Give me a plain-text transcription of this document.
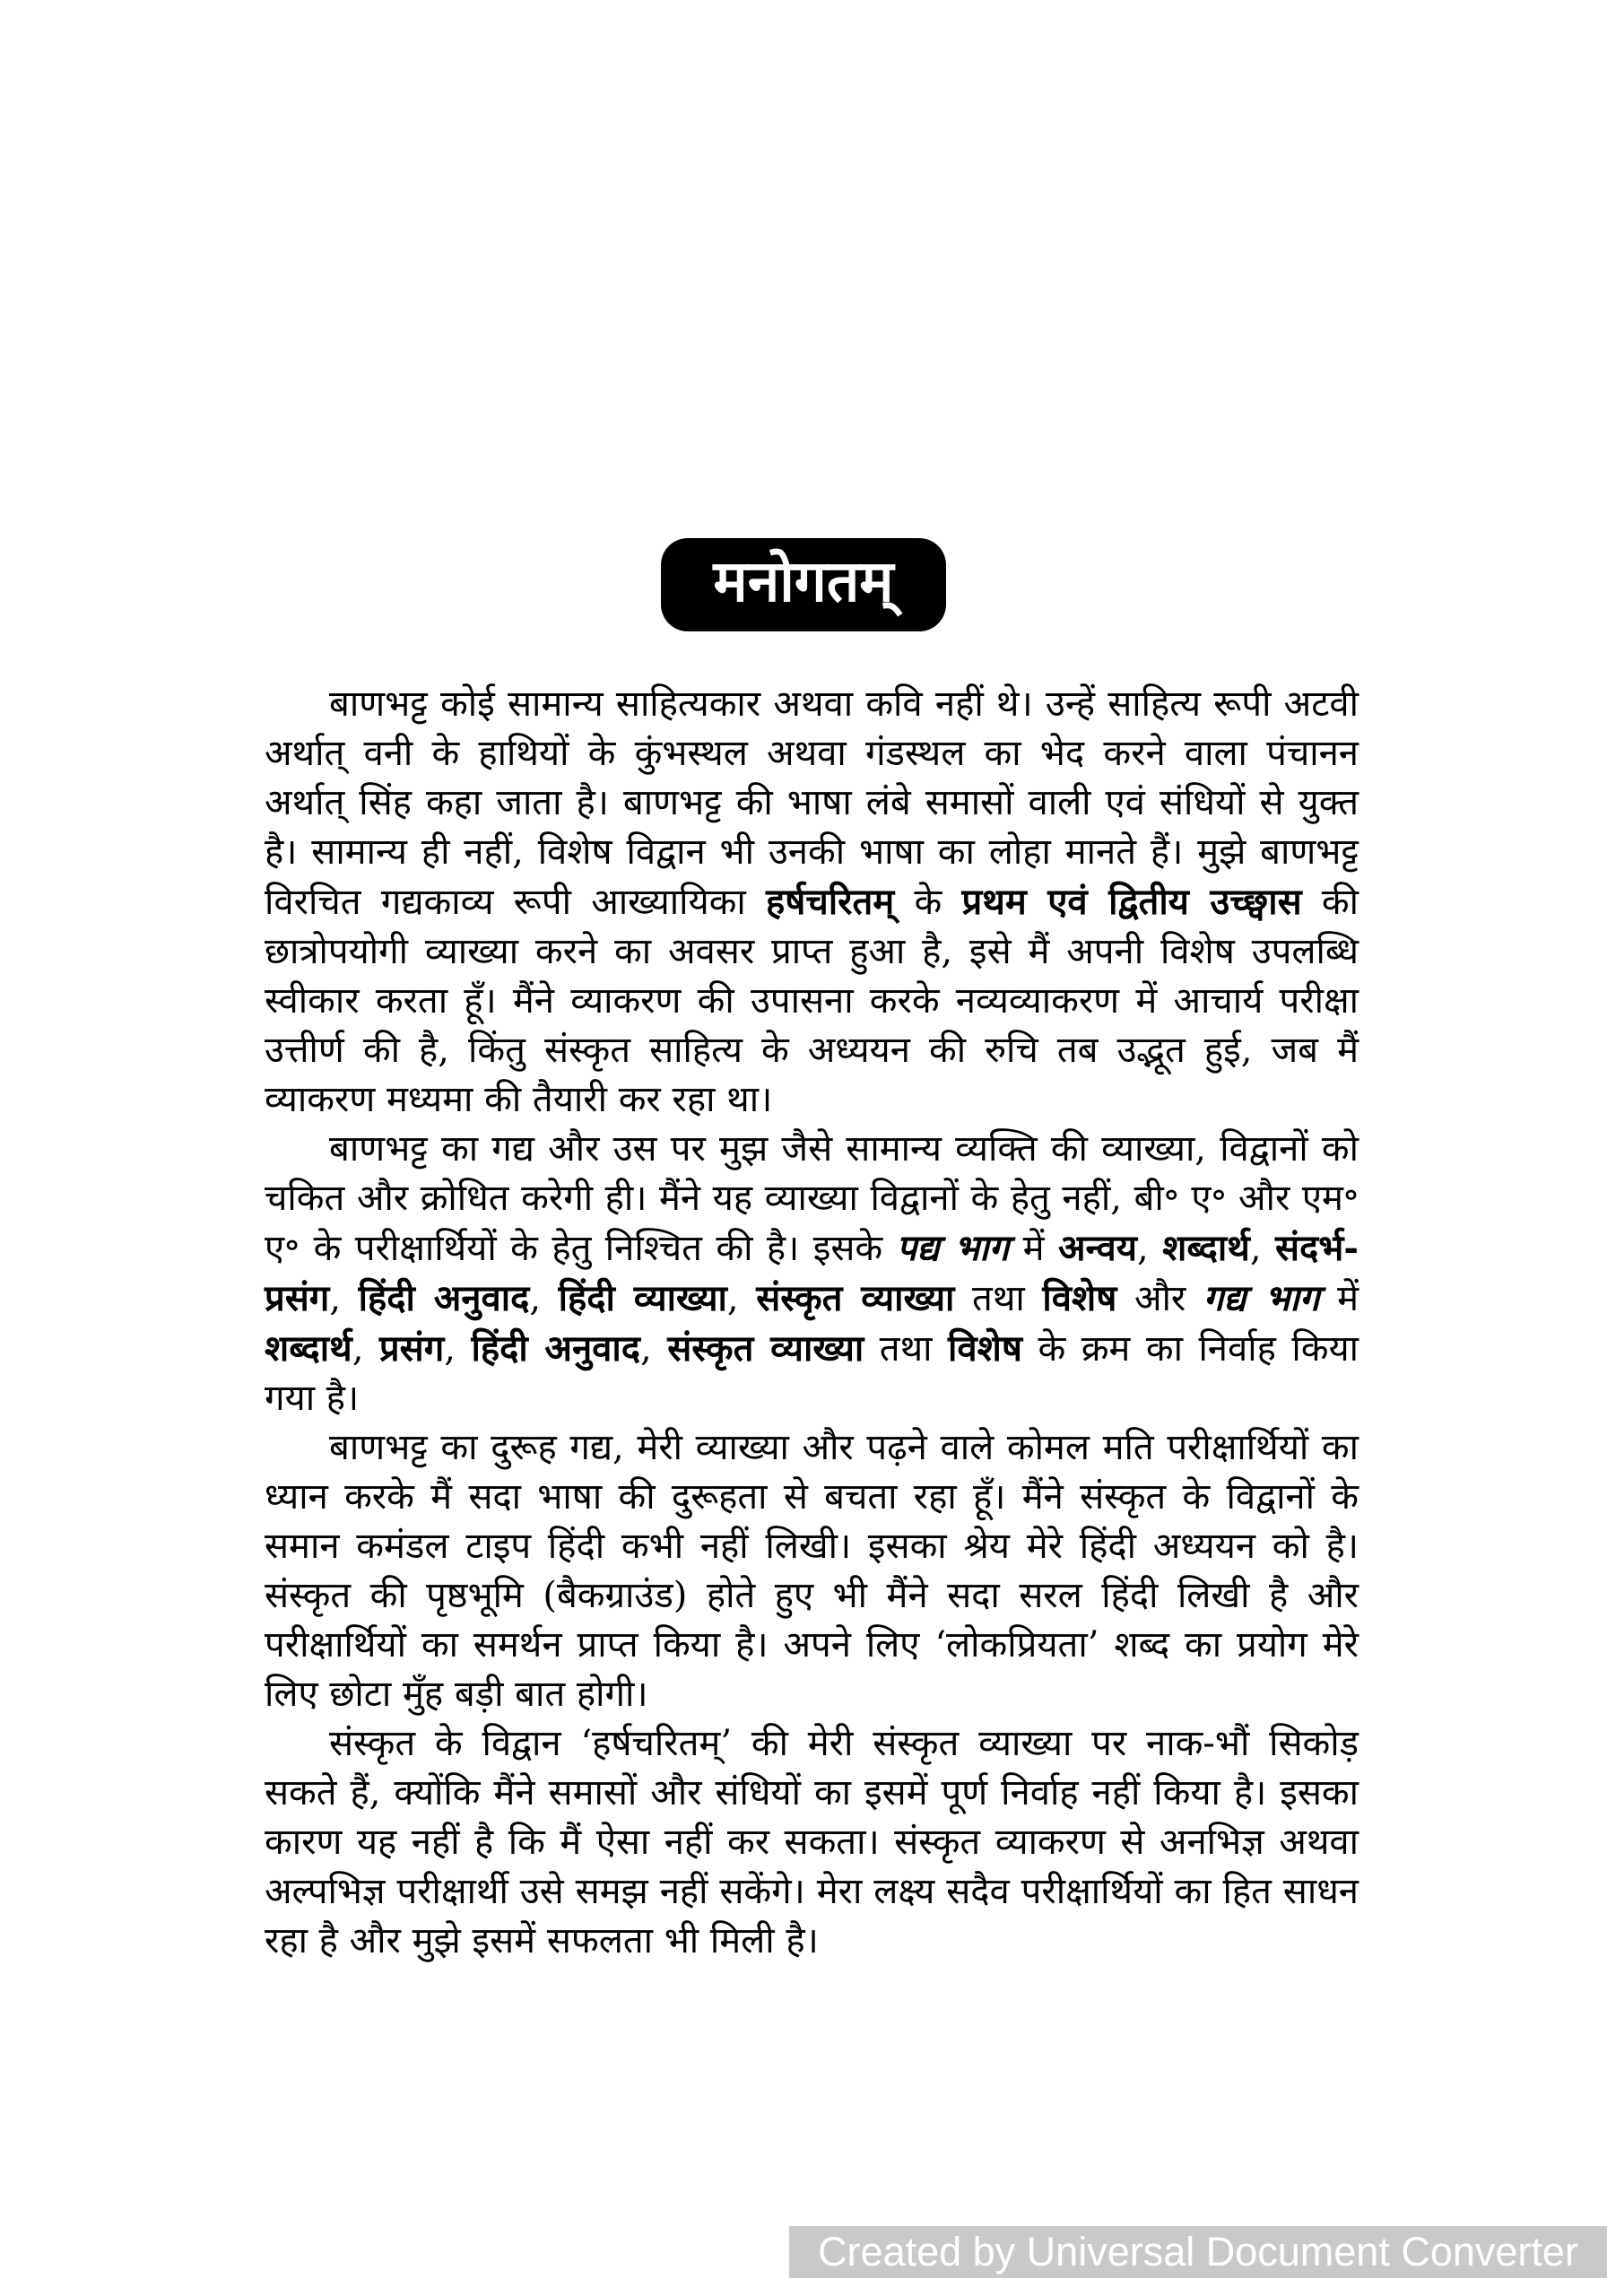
मनोगतम्

बाणभट्ट कोई सामान्य साहित्यकार अथवा कवि नहीं थे। उन्हें साहित्य रूपी अटवी अर्थात् वनी के हाथियों के कुंभस्थल अथवा गंडस्थल का भेद करने वाला पंचानन अर्थात् सिंह कहा जाता है। बाणभट्ट की भाषा लंबे समासों वाली एवं संधियों से युक्त है। सामान्य ही नहीं, विशेष विद्वान भी उनकी भाषा का लोहा मानते हैं। मुझे बाणभट्ट विरचित गद्यकाव्य रूपी आख्यायिका हर्षचरितम् के प्रथम एवं द्वितीय उच्छ्वास की छात्रोपयोगी व्याख्या करने का अवसर प्राप्त हुआ है, इसे मैं अपनी विशेष उपलब्धि स्वीकार करता हूँ। मैंने व्याकरण की उपासना करके नव्यव्याकरण में आचार्य परीक्षा उत्तीर्ण की है, किंतु संस्कृत साहित्य के अध्ययन की रुचि तब उद्भूत हुई, जब मैं व्याकरण मध्यमा की तैयारी कर रहा था।

बाणभट्ट का गद्य और उस पर मुझ जैसे सामान्य व्यक्ति की व्याख्या, विद्वानों को चकित और क्रोधित करेगी ही। मैंने यह व्याख्या विद्वानों के हेतु नहीं, बी॰ ए॰ और एम॰ ए॰ के परीक्षार्थियों के हेतु निश्चित की है। इसके पद्य भाग में अन्वय, शब्दार्थ, संदर्भ-प्रसंग, हिंदी अनुवाद, हिंदी व्याख्या, संस्कृत व्याख्या तथा विशेष और गद्य भाग में शब्दार्थ, प्रसंग, हिंदी अनुवाद, संस्कृत व्याख्या तथा विशेष के क्रम का निर्वाह किया गया है।

बाणभट्ट का दुरूह गद्य, मेरी व्याख्या और पढ़ने वाले कोमल मति परीक्षार्थियों का ध्यान करके मैं सदा भाषा की दुरूहता से बचता रहा हूँ। मैंने संस्कृत के विद्वानों के समान कमंडल टाइप हिंदी कभी नहीं लिखी। इसका श्रेय मेरे हिंदी अध्ययन को है। संस्कृत की पृष्ठभूमि (बैकग्राउंड) होते हुए भी मैंने सदा सरल हिंदी लिखी है और परीक्षार्थियों का समर्थन प्राप्त किया है। अपने लिए ‘लोकप्रियता’ शब्द का प्रयोग मेरे लिए छोटा मुँह बड़ी बात होगी।

संस्कृत के विद्वान ‘हर्षचरितम्’ की मेरी संस्कृत व्याख्या पर नाक-भौं सिकोड़ सकते हैं, क्योंकि मैंने समासों और संधियों का इसमें पूर्ण निर्वाह नहीं किया है। इसका कारण यह नहीं है कि मैं ऐसा नहीं कर सकता। संस्कृत व्याकरण से अनभिज्ञ अथवा अल्पभिज्ञ परीक्षार्थी उसे समझ नहीं सकेंगे। मेरा लक्ष्य सदैव परीक्षार्थियों का हित साधन रहा है और मुझे इसमें सफलता भी मिली है।

Created by Universal Document Converter
